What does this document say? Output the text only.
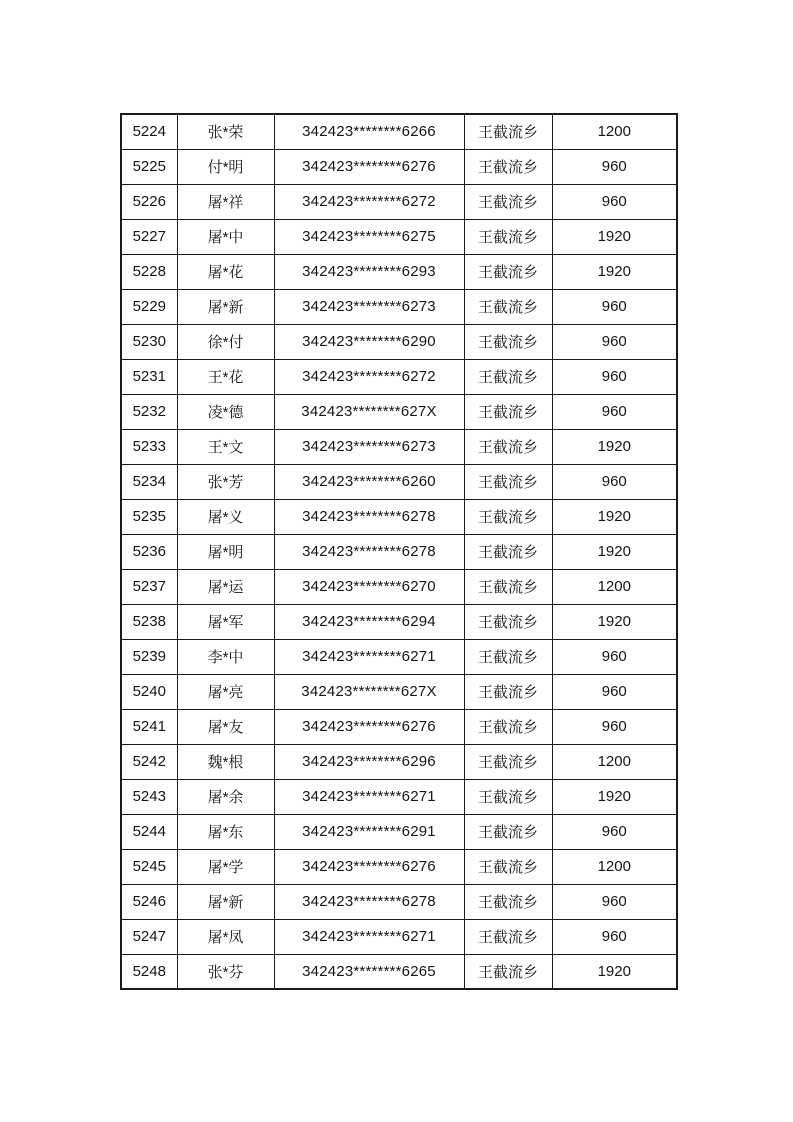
5224	张*荣	342423********6266	王截流乡	1200
5225	付*明	342423********6276	王截流乡	960
5226	屠*祥	342423********6272	王截流乡	960
5227	屠*中	342423********6275	王截流乡	1920
5228	屠*花	342423********6293	王截流乡	1920
5229	屠*新	342423********6273	王截流乡	960
5230	徐*付	342423********6290	王截流乡	960
5231	王*花	342423********6272	王截流乡	960
5232	凌*德	342423********627X	王截流乡	960
5233	王*文	342423********6273	王截流乡	1920
5234	张*芳	342423********6260	王截流乡	960
5235	屠*义	342423********6278	王截流乡	1920
5236	屠*明	342423********6278	王截流乡	1920
5237	屠*运	342423********6270	王截流乡	1200
5238	屠*军	342423********6294	王截流乡	1920
5239	李*中	342423********6271	王截流乡	960
5240	屠*亮	342423********627X	王截流乡	960
5241	屠*友	342423********6276	王截流乡	960
5242	魏*根	342423********6296	王截流乡	1200
5243	屠*余	342423********6271	王截流乡	1920
5244	屠*东	342423********6291	王截流乡	960
5245	屠*学	342423********6276	王截流乡	1200
5246	屠*新	342423********6278	王截流乡	960
5247	屠*凤	342423********6271	王截流乡	960
5248	张*芬	342423********6265	王截流乡	1920
